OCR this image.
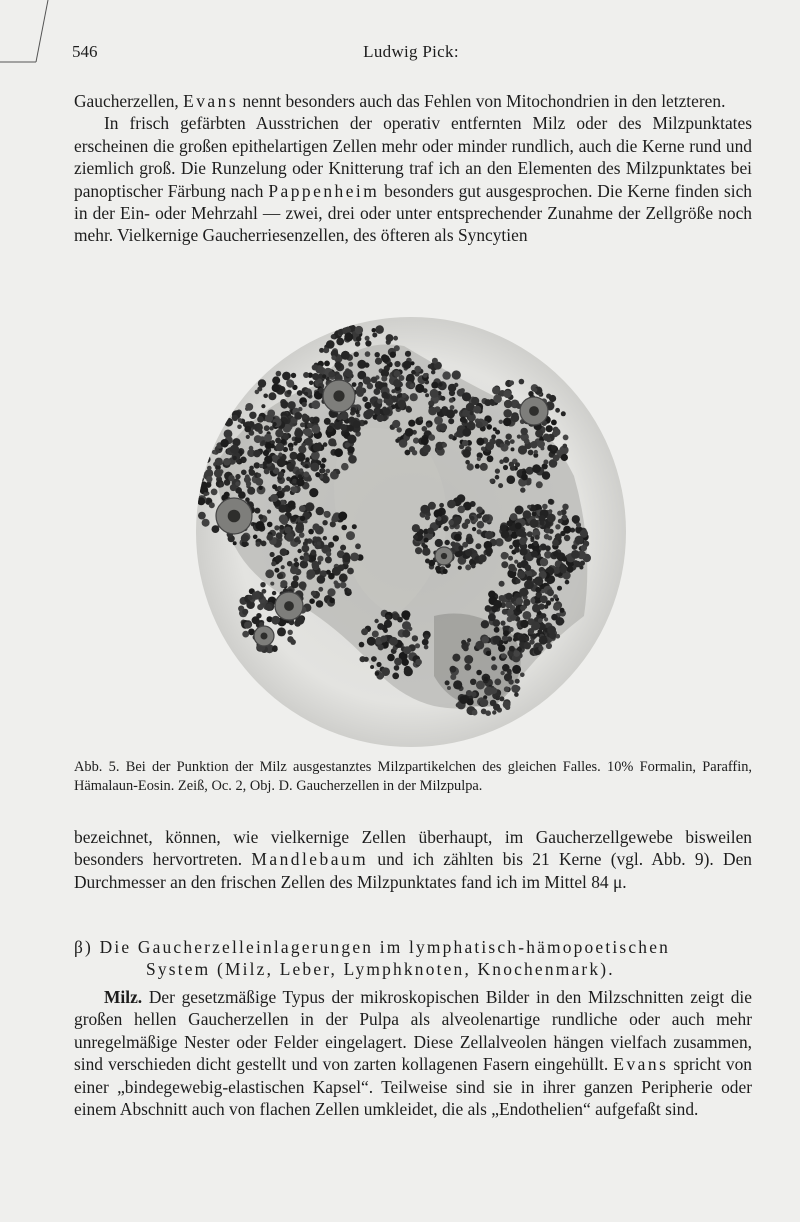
546	Ludwig Pick:

Gaucherzellen, Evans nennt besonders auch das Fehlen von Mitochondrien in den letzteren.

In frisch gefärbten Ausstrichen der operativ entfernten Milz oder des Milzpunktates erscheinen die großen epithelartigen Zellen mehr oder minder rundlich, auch die Kerne rund und ziemlich groß. Die Runzelung oder Knitterung traf ich an den Elementen des Milzpunktates bei panoptischer Färbung nach Pappenheim besonders gut ausgesprochen. Die Kerne finden sich in der Ein- oder Mehrzahl — zwei, drei oder unter entsprechender Zunahme der Zellgröße noch mehr. Vielkernige Gaucherriesenzellen, des öfteren als Syncytien

Abb. 5. Bei der Punktion der Milz ausgestanztes Milzpartikelchen des gleichen Falles. 10% Formalin, Paraffin, Hämalaun-Eosin. Zeiß, Oc. 2, Obj. D. Gaucherzellen in der Milzpulpa.

bezeichnet, können, wie vielkernige Zellen überhaupt, im Gaucherzellgewebe bisweilen besonders hervortreten. Mandlebaum und ich zählten bis 21 Kerne (vgl. Abb. 9). Den Durchmesser an den frischen Zellen des Milzpunktates fand ich im Mittel 84 μ.

β) Die Gaucherzelleinlagerungen im lymphatisch-hämopoetischen
System (Milz, Leber, Lymphknoten, Knochenmark).

Milz. Der gesetzmäßige Typus der mikroskopischen Bilder in den Milzschnitten zeigt die großen hellen Gaucherzellen in der Pulpa als alveolenartige rundliche oder auch mehr unregelmäßige Nester oder Felder eingelagert. Diese Zellalveolen hängen vielfach zusammen, sind verschieden dicht gestellt und von zarten kollagenen Fasern eingehüllt. Evans spricht von einer „bindegewebig-elastischen Kapsel“. Teilweise sind sie in ihrer ganzen Peripherie oder einem Abschnitt auch von flachen Zellen umkleidet, die als „Endothelien“ aufgefaßt sind.
